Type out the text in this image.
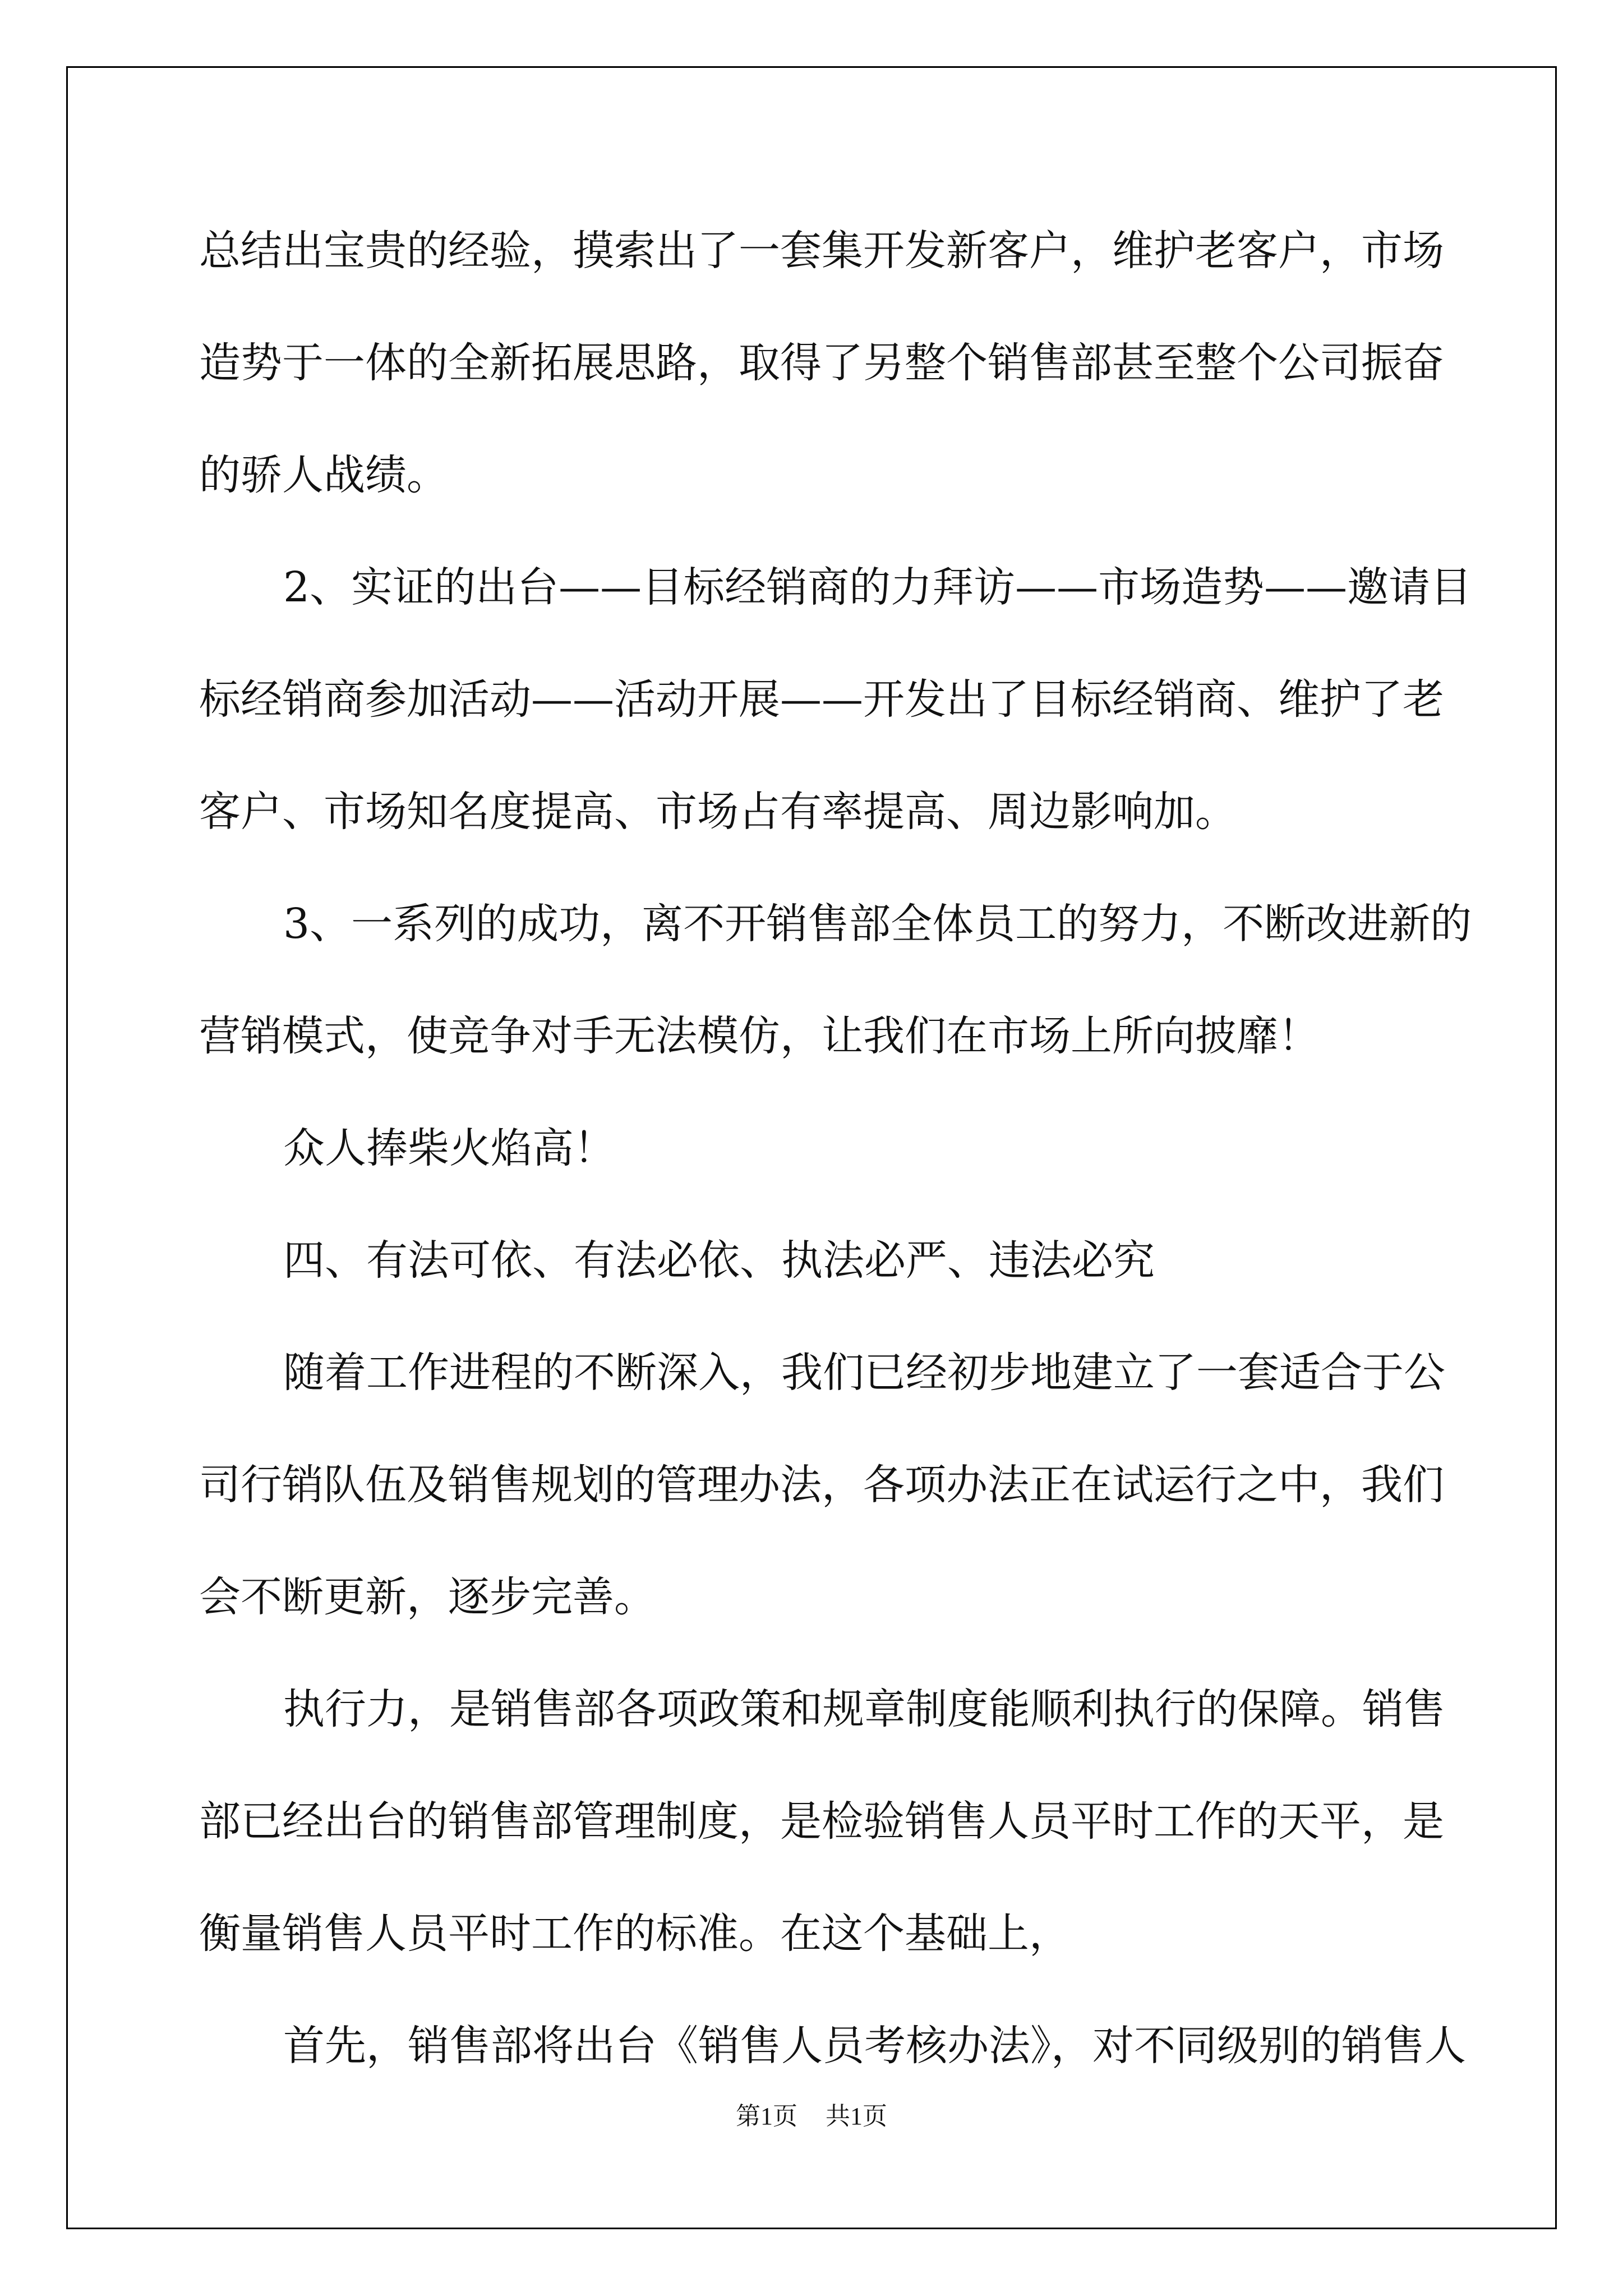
总结出宝贵的经验，摸索出了一套集开发新客户，维护老客户，市场
造势于一体的全新拓展思路，取得了另整个销售部甚至整个公司振奋
的骄人战绩。
2、实证的出台——目标经销商的力拜访——市场造势——邀请目
标经销商参加活动——活动开展——开发出了目标经销商、维护了老
客户、市场知名度提高、市场占有率提高、周边影响加。
3、一系列的成功，离不开销售部全体员工的努力，不断改进新的
营销模式，使竞争对手无法模仿，让我们在市场上所向披靡！
众人捧柴火焰高！
四、有法可依、有法必依、执法必严、违法必究
随着工作进程的不断深入，我们已经初步地建立了一套适合于公
司行销队伍及销售规划的管理办法，各项办法正在试运行之中，我们
会不断更新，逐步完善。
执行力，是销售部各项政策和规章制度能顺利执行的保障。销售
部已经出台的销售部管理制度，是检验销售人员平时工作的天平，是
衡量销售人员平时工作的标准。在这个基础上，
首先，销售部将出台《销售人员考核办法》，对不同级别的销售人
第1页 共1页
